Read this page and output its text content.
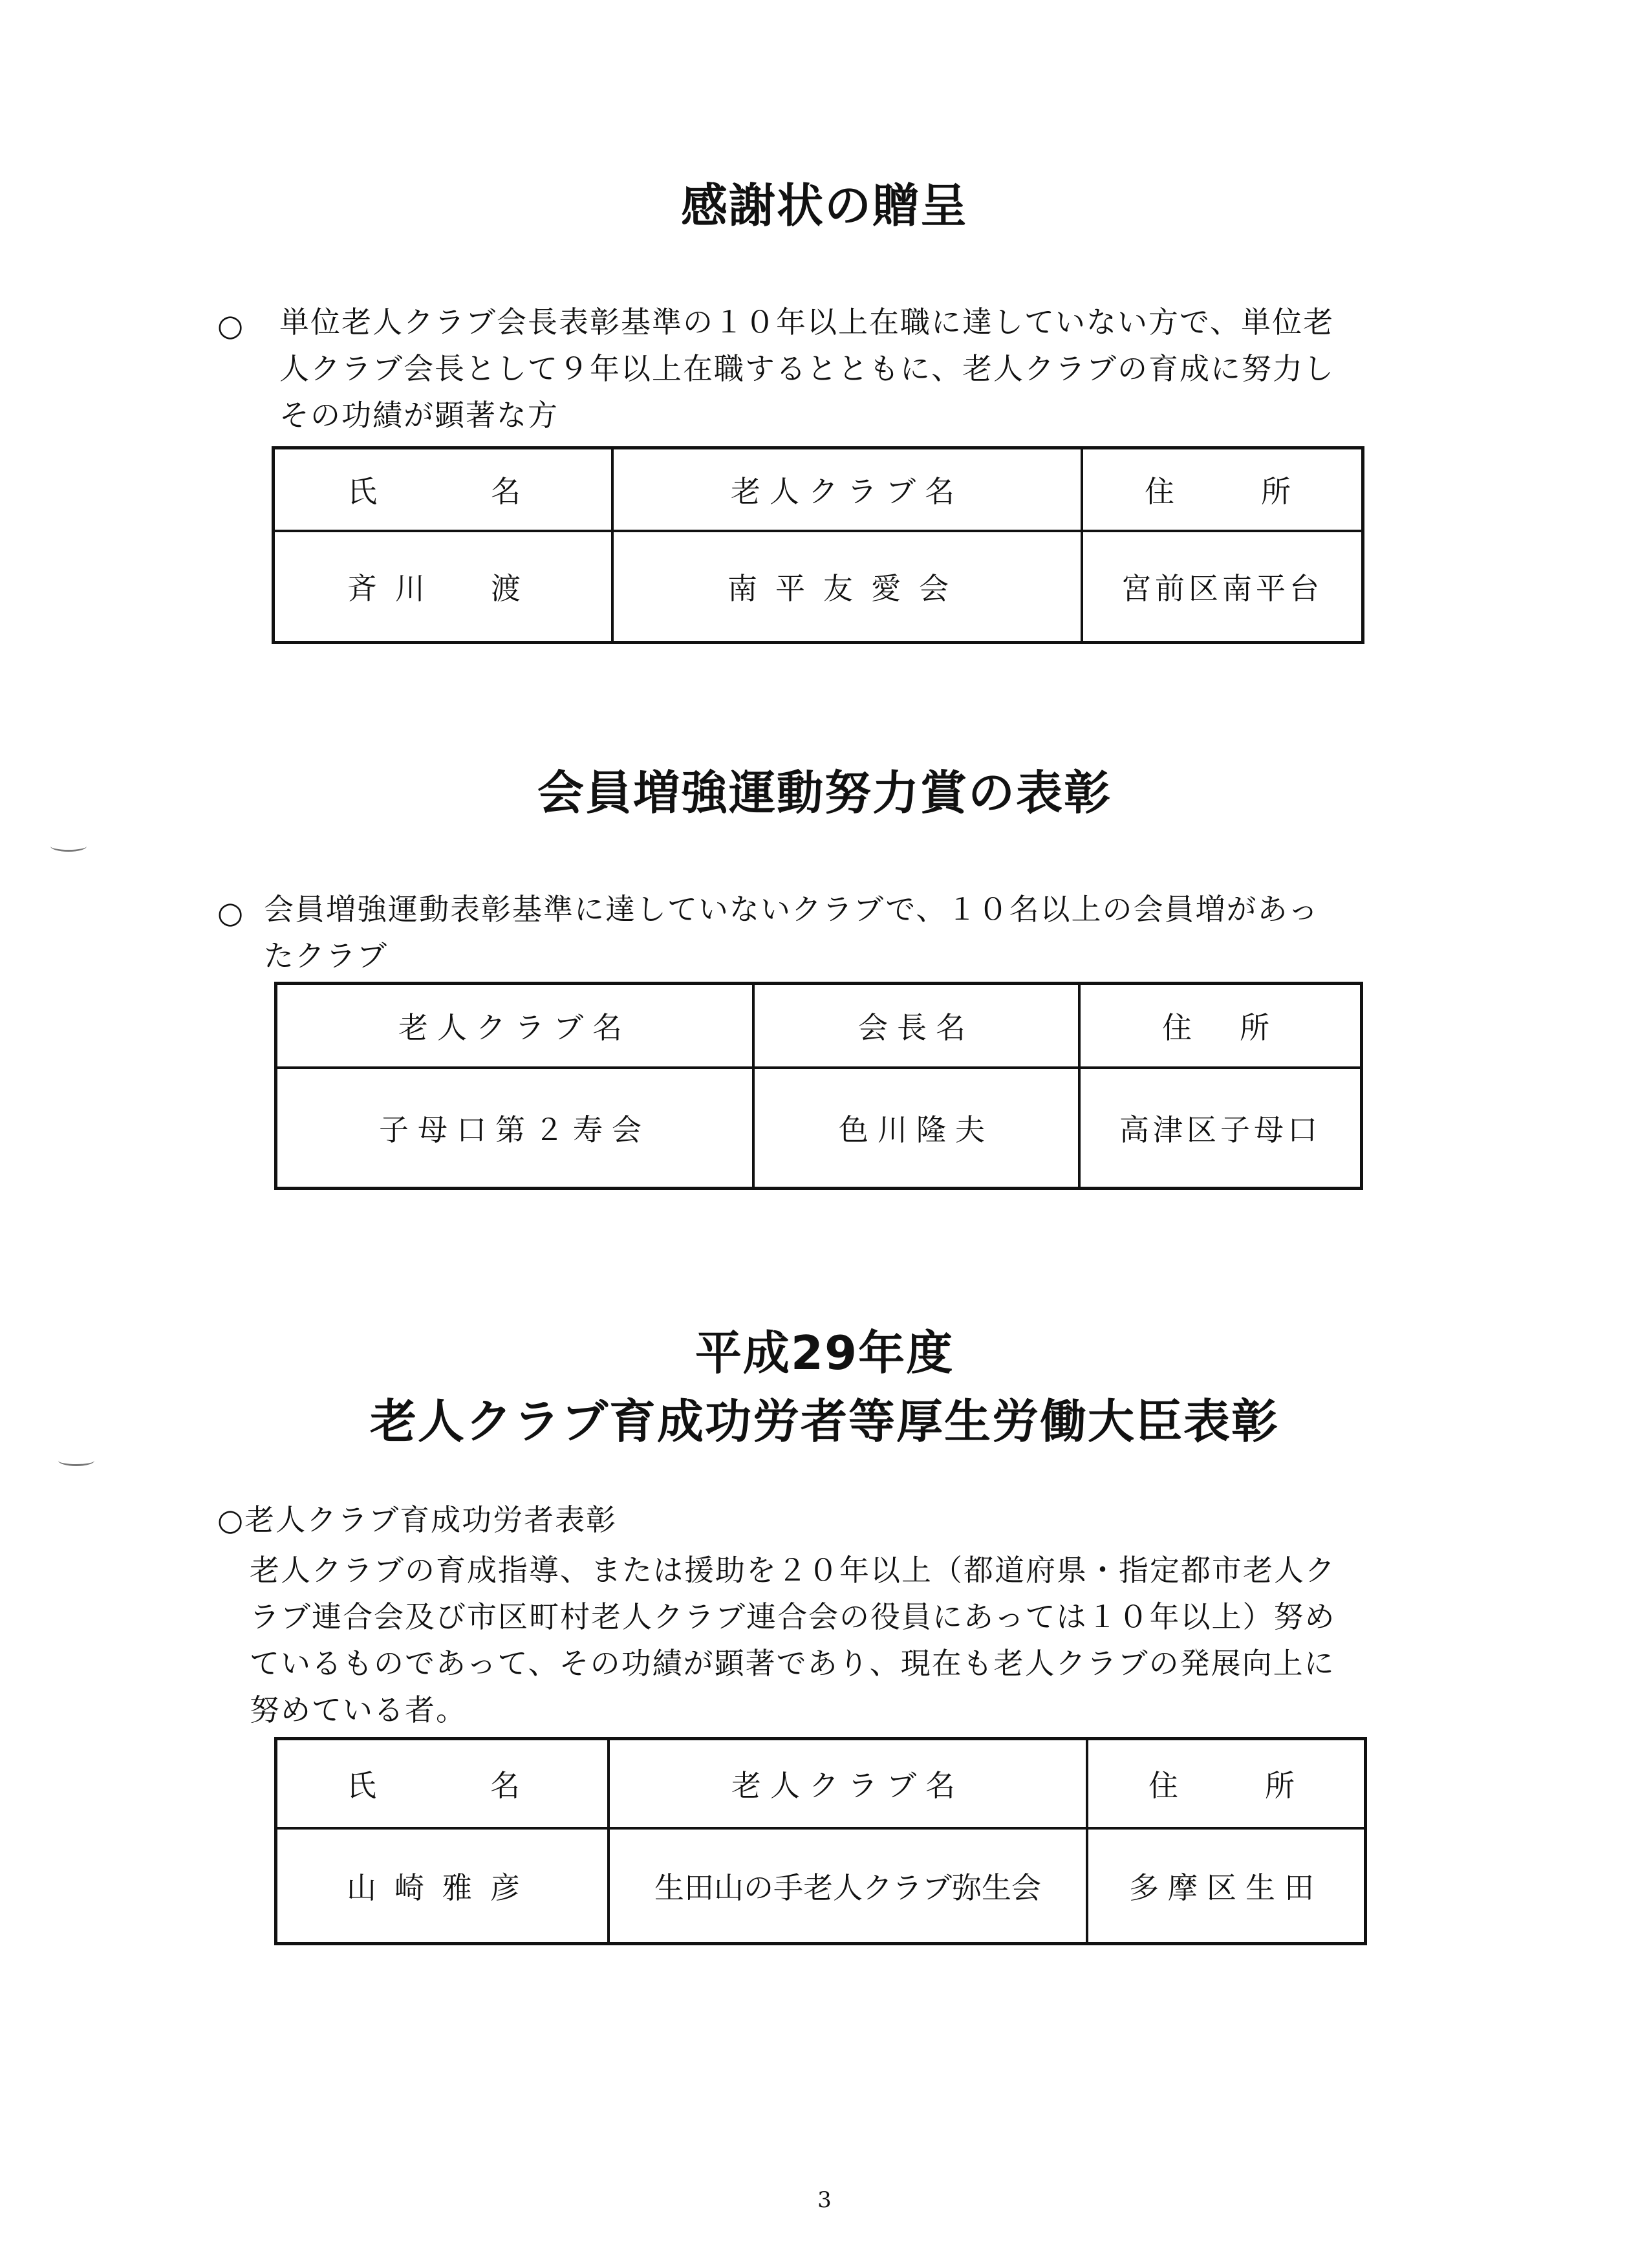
感謝状の贈呈
○ 単位老人クラブ会長表彰基準の１０年以上在職に達していない方で、単位老
人クラブ会長として９年以上在職するとともに、老人クラブの育成に努力し
その功績が顕著な方
氏　　名	老人クラブ名	住　　所
斉川　渡	南平友愛会	宮前区南平台
会員増強運動努力賞の表彰
○ 会員増強運動表彰基準に達していないクラブで、１０名以上の会員増があっ
たクラブ
老人クラブ名	会長名	住　所
子母口第２寿会	色川隆夫	高津区子母口
平成29年度
老人クラブ育成功労者等厚生労働大臣表彰
○老人クラブ育成功労者表彰
老人クラブの育成指導、または援助を２０年以上（都道府県・指定都市老人ク
ラブ連合会及び市区町村老人クラブ連合会の役員にあっては１０年以上）努め
ているものであって、その功績が顕著であり、現在も老人クラブの発展向上に
努めている者。
氏　　名	老人クラブ名	住　　所
山崎雅彦	生田山の手老人クラブ弥生会	多摩区生田
3
